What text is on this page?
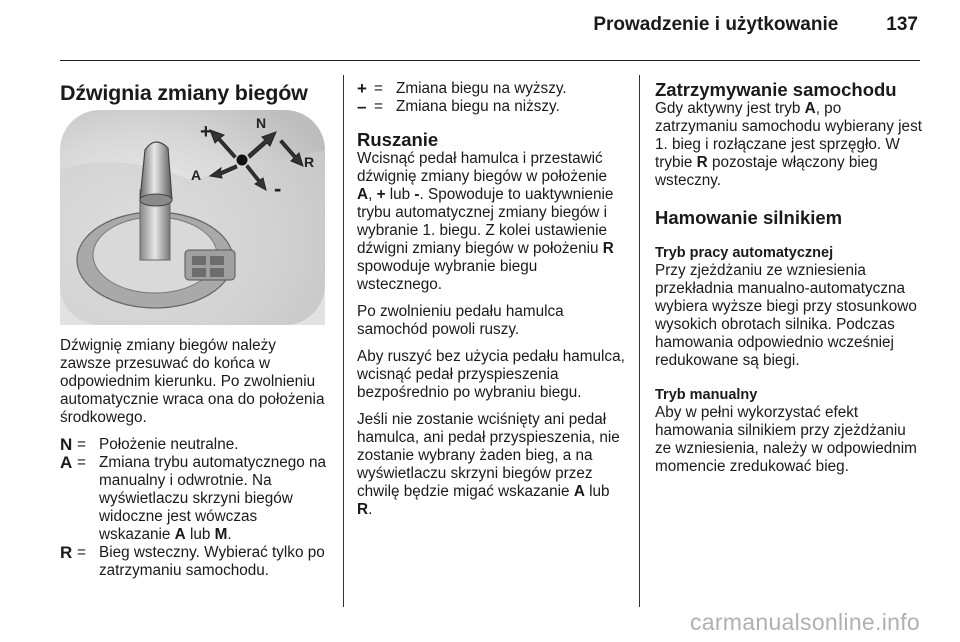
Prowadzenie i użytkowanie	137
Dźwignia zmiany biegów
+	N
R
A
-

Dźwignię zmiany biegów należy zawsze przesuwać do końca w odpowiednim kierunku. Po zwolnieniu automatycznie wraca ona do położenia środkowego.

N = Położenie neutralne.
A = Zmiana trybu automatycznego na manualny i odwrotnie. Na wyświetlaczu skrzyni biegów widoczne jest wówczas wskazanie A lub M.
R = Bieg wsteczny. Wybierać tylko po zatrzymaniu samochodu.
+ = Zmiana biegu na wyższy.
– = Zmiana biegu na niższy.
Ruszanie

Wcisnąć pedał hamulca i przestawić dźwignię zmiany biegów w położenie A, + lub -. Spowoduje to uaktywnienie trybu automatycznej zmiany biegów i wybranie 1. biegu. Z kolei ustawienie dźwigni zmiany biegów w położeniu R spowoduje wybranie biegu wstecznego.

Po zwolnieniu pedału hamulca samochód powoli ruszy.

Aby ruszyć bez użycia pedału hamulca, wcisnąć pedał przyspieszenia bezpośrednio po wybraniu biegu.

Jeśli nie zostanie wciśnięty ani pedał hamulca, ani pedał przyspieszenia, nie zostanie wybrany żaden bieg, a na wyświetlaczu skrzyni biegów przez chwilę będzie migać wskazanie A lub R.

Zatrzymywanie samochodu

Gdy aktywny jest tryb A, po zatrzymaniu samochodu wybierany jest 1. bieg i rozłączane jest sprzęgło. W trybie R pozostaje włączony bieg wsteczny.

Hamowanie silnikiem
Tryb pracy automatycznej

Przy zjeżdżaniu ze wzniesienia przekładnia manualno-automatyczna wybiera wyższe biegi przy stosunkowo wysokich obrotach silnika. Podczas hamowania odpowiednio wcześniej redukowane są biegi.

Tryb manualny

Aby w pełni wykorzystać efekt hamowania silnikiem przy zjeżdżaniu ze wzniesienia, należy w odpowiednim momencie zredukować bieg.

carmanualsonline.info
